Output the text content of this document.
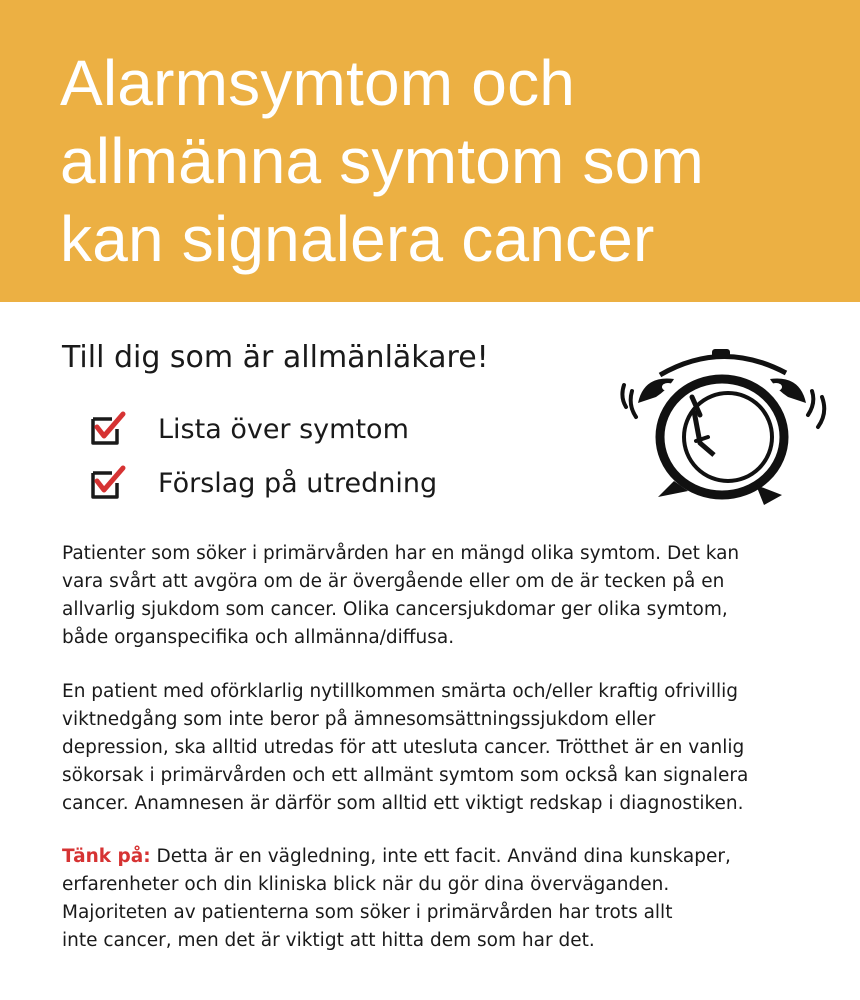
Alarmsymtom och
allmänna symtom som
kan signalera cancer
Till dig som är allmänläkare!
Lista över symtom
Förslag på utredning

Patienter som söker i primärvården har en mängd olika symtom. Det kan
vara svårt att avgöra om de är övergående eller om de är tecken på en
allvarlig sjukdom som cancer. Olika cancersjukdomar ger olika symtom,
både organspecifika och allmänna/diffusa.

En patient med oförklarlig nytillkommen smärta och/eller kraftig ofrivillig
viktnedgång som inte beror på ämnesomsättningssjukdom eller
depression, ska alltid utredas för att utesluta cancer. Trötthet är en vanlig
sökorsak i primärvården och ett allmänt symtom som också kan signalera
cancer. Anamnesen är därför som alltid ett viktigt redskap i diagnostiken.

Tänk på: Detta är en vägledning, inte ett facit. Använd dina kunskaper,
erfarenheter och din kliniska blick när du gör dina överväganden.
Majoriteten av patienterna som söker i primärvården har trots allt
inte cancer, men det är viktigt att hitta dem som har det.
